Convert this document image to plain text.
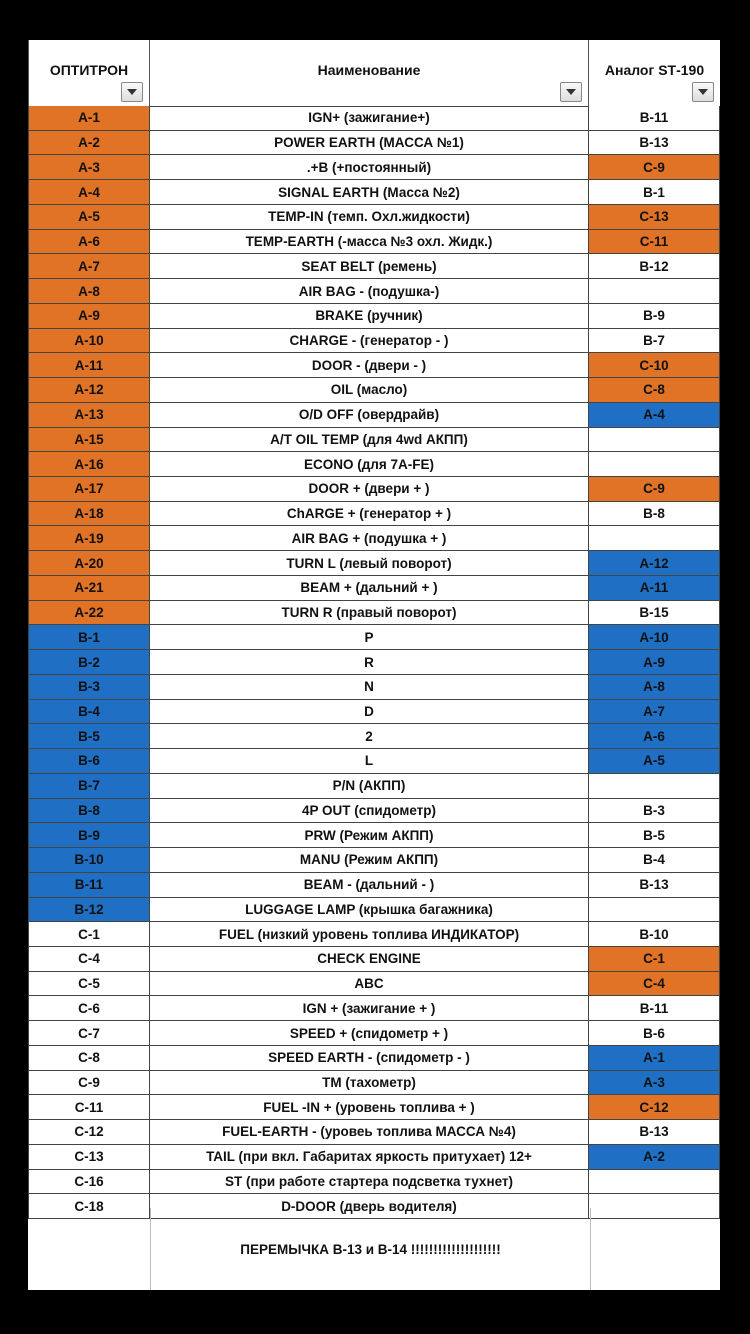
ОПТИТРОН	Наименование	Аналог SТ-190
A-1	IGN+ (зажигание+)	B-11
A-2	POWER EARTH (МАССА №1)	B-13
A-3	.+B (+постоянный)	C-9
A-4	SIGNAL EARTH (Масса №2)	B-1
A-5	TEMP-IN (темп. Охл.жидкости)	C-13
A-6	TEMP-EARTH (-масса №3 охл. Жидк.)	C-11
A-7	SEAT BELT (ремень)	B-12
A-8	AIR BAG - (подушка-)
A-9	BRAKE (ручник)	B-9
A-10	CHARGE - (генератор - )	B-7
A-11	DOOR - (двери - )	C-10
A-12	OIL (масло)	C-8
A-13	O/D OFF (овердрайв)	A-4
A-15	A/T OIL TEMP (для 4wd АКПП)
A-16	ECONO (для 7A-FE)
A-17	DOOR + (двери + )	C-9
A-18	ChARGE + (генератор + )	B-8
A-19	AIR BAG + (подушка + )
A-20	TURN L (левый поворот)	A-12
A-21	BEAM + (дальний + )	A-11
A-22	TURN R (правый поворот)	B-15
B-1	P	A-10
B-2	R	A-9
B-3	N	A-8
B-4	D	A-7
B-5	2	A-6
B-6	L	A-5
B-7	P/N (АКПП)
B-8	4P OUT (спидометр)	B-3
B-9	PRW (Режим АКПП)	B-5
B-10	MANU (Режим АКПП)	B-4
B-11	BEAM - (дальний - )	B-13
B-12	LUGGAGE LAMP (крышка багажника)
C-1	FUEL (низкий уровень топлива ИНДИКАТОР)	B-10
C-4	CHECK ENGINE	C-1
C-5	ABC	C-4
C-6	IGN + (зажигание + )	B-11
C-7	SPEED + (спидометр + )	B-6
C-8	SPEED EARTH - (спидометр - )	A-1
C-9	TM (тахометр)	A-3
C-11	FUEL -IN + (уровень топлива + )	C-12
C-12	FUEL-EARTH - (уровеь топлива МАССА №4)	B-13
C-13	TAIL (при вкл. Габаритах яркость притухает) 12+	A-2
C-16	ST (при работе стартера подсветка тухнет)
C-18	D-DOOR (дверь водителя)
ПЕРЕМЫЧКА B-13 и B-14 !!!!!!!!!!!!!!!!!!!!
